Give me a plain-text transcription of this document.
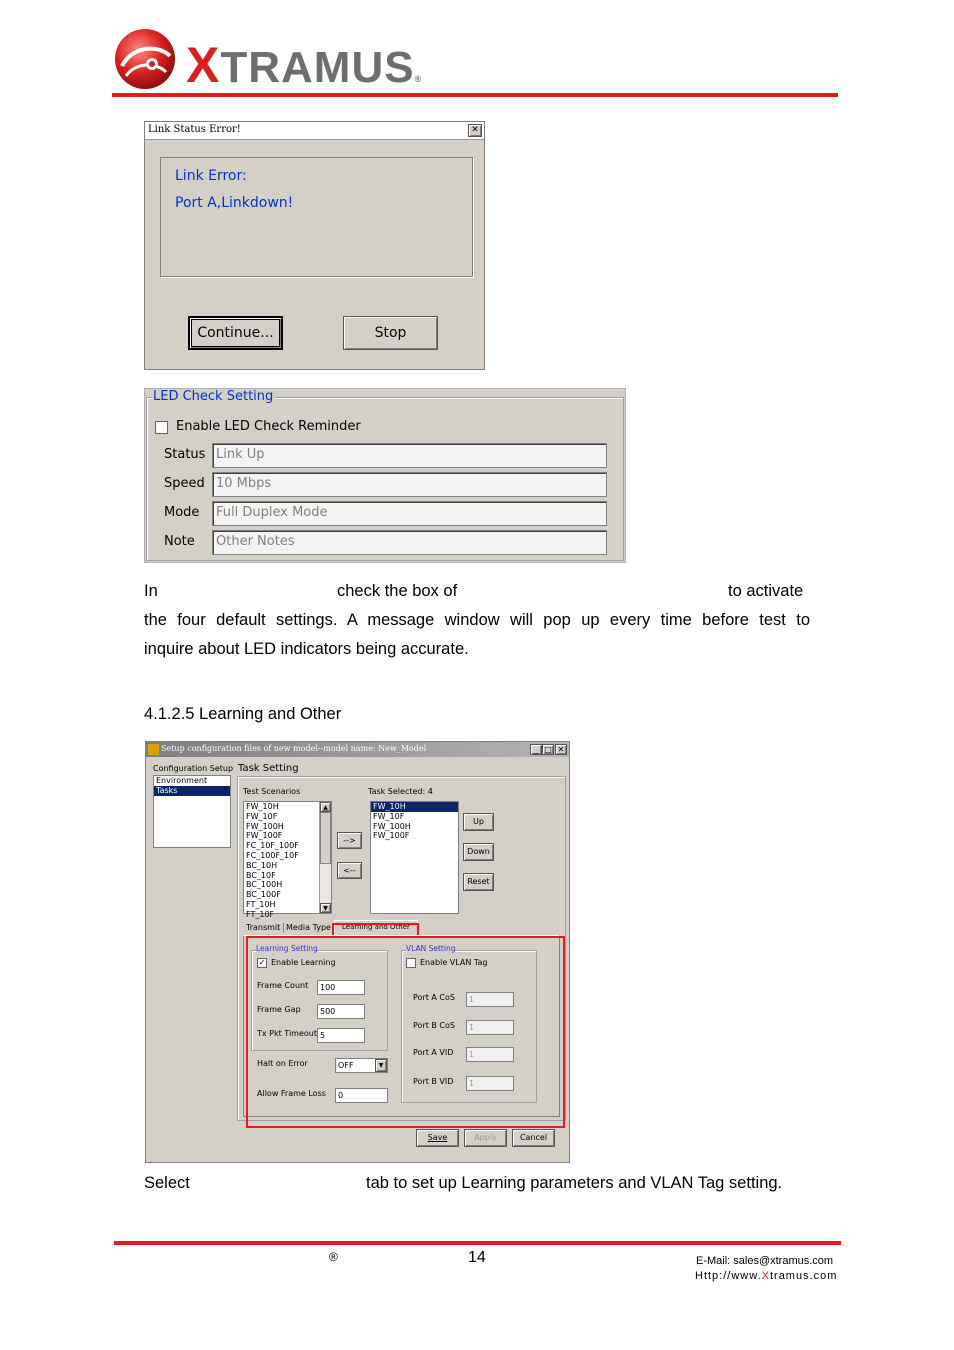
XTRAMUS®
Link Status Error!	✕
Link Error:
Port A,Linkdown!
Continue...	Stop
LED Check Setting
Enable LED Check Reminder
Status Link Up
Speed 10 Mbps
Mode	Full Duplex Mode
Note	Other Notes
In	check the box of	to activate
the four default settings. A message window will pop up every time before test to
inquire about LED indicators being accurate.
4.1.2.5 Learning and Other
Setup configuration files of new model--model name: New_Model	_ □ ✕
Configuration Setup
Environment
Tasks
Task Setting
Test Scenarios
FW_10H
FW_10F
FW_100H
FW_100F
FC_10F_100F
FC_100F_10F
BC_10H
BC_10F
BC_100H
BC_100F
FT_10H
FT_10F
▲
▼
-->
<--
Task Selected: 4
FW_10H
FW_10F
FW_100H
FW_100F
Up
Down
Reset
Transmit Media Type	Learning and Other
Learning Setting
✓ Enable Learning
Frame Count	100
Frame Gap	500
Tx Pkt Timeout 5
Halt on Error	OFF	▼
Allow Frame Loss	0
VLAN Setting
Enable VLAN Tag
Port A CoS	1
Port B CoS	1
Port A VID	1
Port B VID	1
Save	Apply	Cancel
Select	tab to set up Learning parameters and VLAN Tag setting.
®	14	E-Mail: sales@xtramus.com
Http://www.Xtramus.com
